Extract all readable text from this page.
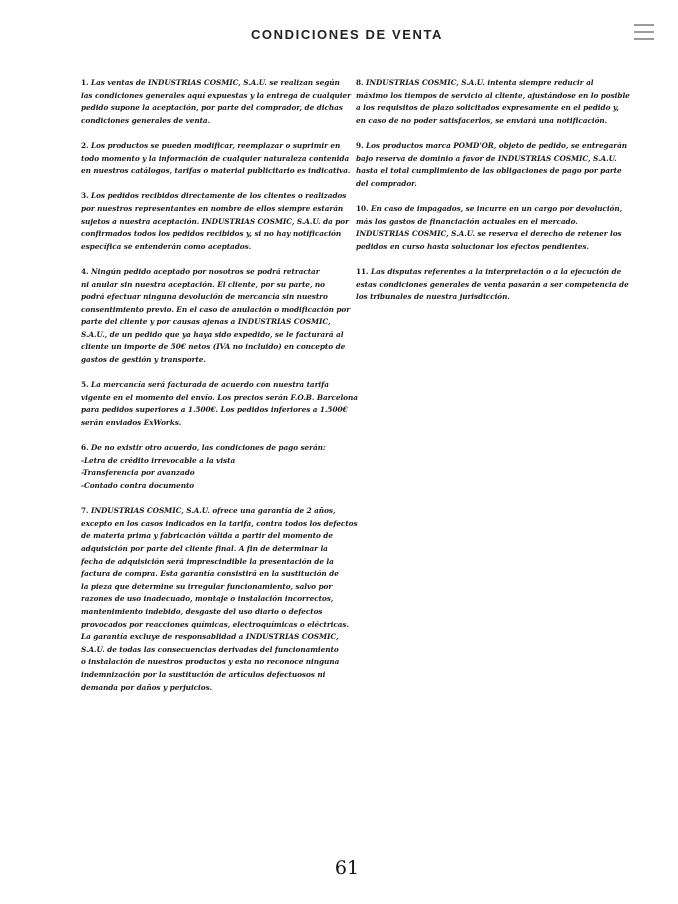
CONDICIONES DE VENTA

1. Las ventas de INDUSTRIAS COSMIC, S.A.U. se realizan según
las condiciones generales aquí expuestas y la entrega de cualquier
pedido supone la aceptación, por parte del comprador, de dichas
condiciones generales de venta.

2. Los productos se pueden modificar, reemplazar o suprimir en
todo momento y la información de cualquier naturaleza contenida
en nuestros catálogos, tarifas o material publicitario es indicativa.

3. Los pedidos recibidos directamente de los clientes o realizados
por nuestros representantes en nombre de ellos siempre estarán
sujetos a nuestra aceptación. INDUSTRIAS COSMIC, S.A.U. da por
confirmados todos los pedidos recibidos y, si no hay notificación
específica se entenderán como aceptados.

4. Ningún pedido aceptado por nosotros se podrá retractar
ni anular sin nuestra aceptación. El cliente, por su parte, no
podrá efectuar ninguna devolución de mercancía sin nuestro
consentimiento previo. En el caso de anulación o modificación por
parte del cliente y por causas ajenas a INDUSTRIAS COSMIC,
S.A.U., de un pedido que ya haya sido expedido, se le facturará al
cliente un importe de 50€ netos (IVA no incluido) en concepto de
gastos de gestión y transporte.

5. La mercancía será facturada de acuerdo con nuestra tarifa
vigente en el momento del envío. Los precios serán F.O.B. Barcelona
para pedidos superiores a 1.500€. Los pedidos inferiores a 1.500€
serán enviados ExWorks.

6. De no existir otro acuerdo, las condiciones de pago serán:
-Letra de crédito irrevocable a la vista
-Transferencia por avanzado
-Contado contra documento

7. INDUSTRIAS COSMIC, S.A.U. ofrece una garantía de 2 años,
excepto en los casos indicados en la tarifa, contra todos los defectos
de materia prima y fabricación válida a partir del momento de
adquisición por parte del cliente final. A fin de determinar la
fecha de adquisición será imprescindible la presentación de la
factura de compra. Esta garantía consistirá en la sustitución de
la pieza que determine su irregular funcionamiento, salvo por
razones de uso inadecuado, montaje o instalación incorrectos,
mantenimiento indebido, desgaste del uso diario o defectos
provocados por reacciones químicas, electroquímicas o eléctricas.
La garantía excluye de responsablidad a INDUSTRIAS COSMIC,
S.A.U. de todas las consecuencias derivadas del funcionamiento
o instalación de nuestros productos y esta no reconoce ninguna
indemnización por la sustitución de artículos defectuosos ni
demanda por daños y perjuicios.

8. INDUSTRIAS COSMIC, S.A.U. intenta siempre reducir al
máximo los tiempos de servicio al cliente, ajustándose en lo posible
a los requisitos de plazo solicitados expresamente en el pedido y,
en caso de no poder satisfacerlos, se enviará una notificación.

9. Los productos marca POMD'OR, objeto de pedido, se entregarán
bajo reserva de dominio a favor de INDUSTRIAS COSMIC, S.A.U.
hasta el total cumplimiento de las obligaciones de pago por parte
del comprador.

10. En caso de impagados, se incurre en un cargo por devolución,
más los gastos de financiación actuales en el mercado.
INDUSTRIAS COSMIC, S.A.U. se reserva el derecho de retener los
pedidos en curso hasta solucionar los efectos pendientes.

11. Las disputas referentes a la interpretación o a la ejecución de
estas condiciones generales de venta pasarán a ser competencia de
los tribunales de nuestra jurisdicción.

61
